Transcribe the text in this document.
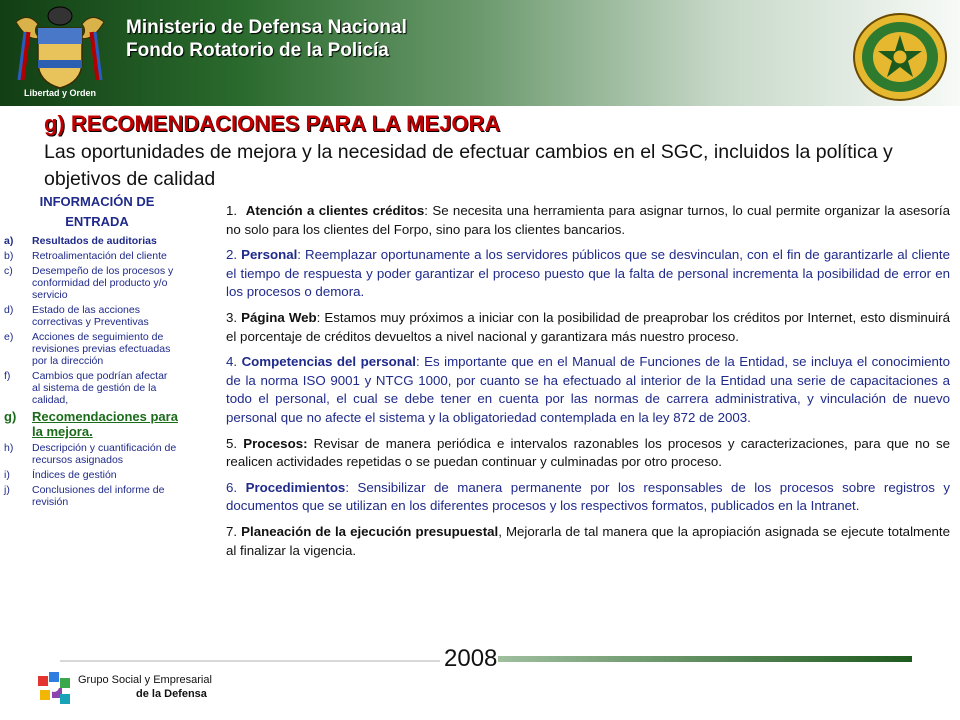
Libertad y Orden
Ministerio de Defensa Nacional
Fondo Rotatorio de la Policía
g) RECOMENDACIONES PARA LA MEJORA
Las oportunidades de mejora y la necesidad de efectuar cambios en el SGC, incluidos la política y objetivos de calidad
INFORMACIÓN DE ENTRADA
a)	Resultados de auditorias
b)	Retroalimentación del cliente
c)	Desempeño de los procesos y conformidad del producto y/o servicio
d)	Estado de las acciones correctivas y Preventivas
e)	Acciones de seguimiento de revisiones previas efectuadas por la dirección
f)	Cambios que podrían afectar al sistema de gestión de la calidad,
g)	Recomendaciones para la mejora.
h)	Descripción y cuantificación de recursos asignados
i)	Índices de gestión
j)	Conclusiones del informe de revisión

1. Atención a clientes créditos: Se necesita una herramienta para asignar turnos, lo cual permite organizar la asesoría no solo para los clientes del Forpo, sino para los clientes bancarios.

2. Personal: Reemplazar oportunamente a los servidores públicos que se desvinculan, con el fin de garantizarle al cliente el tiempo de respuesta y poder garantizar el proceso puesto que la falta de personal incrementa la posibilidad de error en los procesos o demora.

3. Página Web: Estamos muy próximos a iniciar con la posibilidad de preaprobar los créditos por Internet, esto disminuirá el porcentaje de créditos devueltos a nivel nacional y garantizara más nuestro proceso.

4. Competencias del personal: Es importante que en el Manual de Funciones de la Entidad, se incluya el conocimiento de la norma ISO 9001 y NTCG 1000, por cuanto se ha efectuado al interior de la Entidad una serie de capacitaciones a todo el personal, el cual se debe tener en cuenta por las normas de carrera administrativa, y vinculación de nuevo personal que no afecte el sistema y la obligatoriedad contemplada en la ley 872 de 2003.

5. Procesos: Revisar de manera periódica e intervalos razonables los procesos y caracterizaciones, para que no se realicen actividades repetidas o se puedan continuar y culminadas por otro proceso.

6. Procedimientos: Sensibilizar de manera permanente por los responsables de los procesos sobre registros y documentos que se utilizan en los diferentes procesos y los respectivos formatos, publicados en la Intranet.

7. Planeación de la ejecución presupuestal, Mejorarla de tal manera que la apropiación asignada se ejecute totalmente al finalizar la vigencia.

2008
Grupo Social y Empresarial
de la Defensa
